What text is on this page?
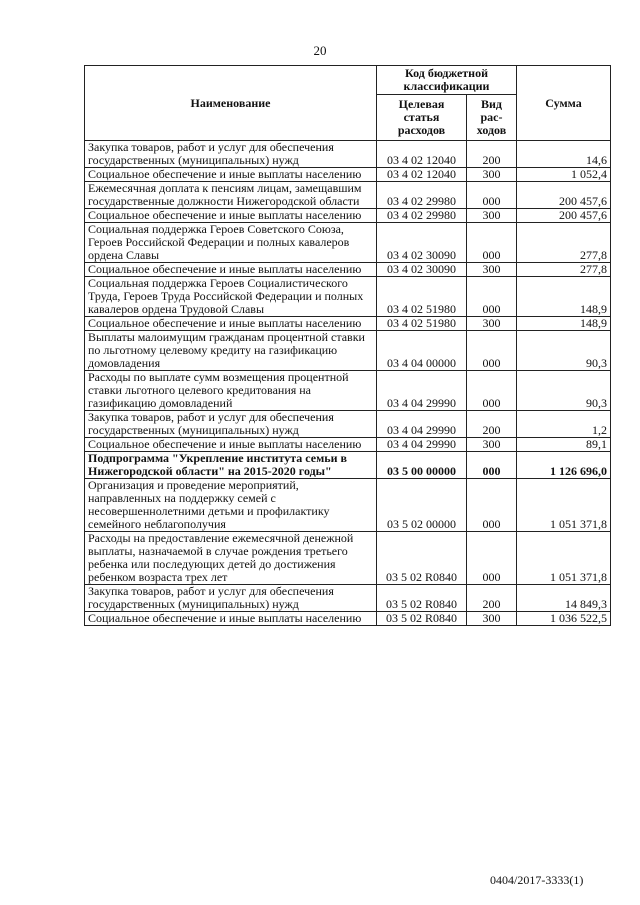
20
Наименование	Код бюджетной классификации		Сумма
	Целевая статья расходов	Вид рас-ходов	
Закупка товаров, работ и услуг для обеспечения государственных (муниципальных) нужд	03 4 02 12040	200	14,6
Социальное обеспечение и иные выплаты населению	03 4 02 12040	300	1 052,4
Ежемесячная доплата к пенсиям лицам, замещавшим государственные должности Нижегородской области	03 4 02 29980	000	200 457,6
Социальное обеспечение и иные выплаты населению	03 4 02 29980	300	200 457,6
Социальная поддержка Героев Советского Союза, Героев Российской Федерации и полных кавалеров ордена Славы	03 4 02 30090	000	277,8
Социальное обеспечение и иные выплаты населению	03 4 02 30090	300	277,8
Социальная поддержка Героев Социалистического Труда, Героев Труда Российской Федерации и полных кавалеров ордена Трудовой Славы	03 4 02 51980	000	148,9
Социальное обеспечение и иные выплаты населению	03 4 02 51980	300	148,9
Выплаты малоимущим гражданам процентной ставки по льготному целевому кредиту на газификацию домовладения	03 4 04 00000	000	90,3
Расходы по выплате сумм возмещения процентной ставки льготного целевого кредитования на газификацию домовладений	03 4 04 29990	000	90,3
Закупка товаров, работ и услуг для обеспечения государственных (муниципальных) нужд	03 4 04 29990	200	1,2
Социальное обеспечение и иные выплаты населению	03 4 04 29990	300	89,1
Подпрограмма "Укрепление института семьи в Нижегородской области" на 2015-2020 годы"	03 5 00 00000	000	1 126 696,0
Организация и проведение мероприятий, направленных на поддержку семей с несовершеннолетними детьми и профилактику семейного неблагополучия	03 5 02 00000	000	1 051 371,8
Расходы на предоставление ежемесячной денежной выплаты, назначаемой в случае рождения третьего ребенка или последующих детей до достижения ребенком возраста трех лет	03 5 02 R0840	000	1 051 371,8
Закупка товаров, работ и услуг для обеспечения государственных (муниципальных) нужд	03 5 02 R0840	200	14 849,3
Социальное обеспечение и иные выплаты населению	03 5 02 R0840	300	1 036 522,5
0404/2017-3333(1)
